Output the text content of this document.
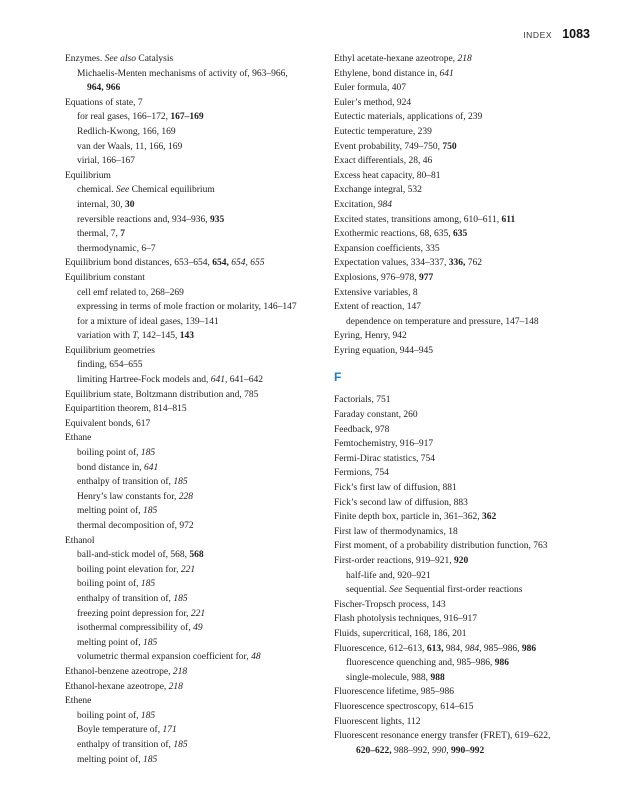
INDEX 1083
Enzymes. See also Catalysis
Michaelis-Menten mechanisms of activity of, 963–966,
964, 966
Equations of state, 7
for real gases, 166–172, 167–169
Redlich-Kwong, 166, 169
van der Waals, 11, 166, 169
virial, 166–167
Equilibrium
chemical. See Chemical equilibrium
internal, 30, 30
reversible reactions and, 934–936, 935
thermal, 7, 7
thermodynamic, 6–7
Equilibrium bond distances, 653–654, 654, 654, 655
Equilibrium constant
cell emf related to, 268–269
expressing in terms of mole fraction or molarity, 146–147
for a mixture of ideal gases, 139–141
variation with T, 142–145, 143
Equilibrium geometries
finding, 654–655
limiting Hartree-Fock models and, 641, 641–642
Equilibrium state, Boltzmann distribution and, 785
Equipartition theorem, 814–815
Equivalent bonds, 617
Ethane
boiling point of, 185
bond distance in, 641
enthalpy of transition of, 185
Henry’s law constants for, 228
melting point of, 185
thermal decomposition of, 972
Ethanol
ball-and-stick model of, 568, 568
boiling point elevation for, 221
boiling point of, 185
enthalpy of transition of, 185
freezing point depression for, 221
isothermal compressibility of, 49
melting point of, 185
volumetric thermal expansion coefficient for, 48
Ethanol-benzene azeotrope, 218
Ethanol-hexane azeotrope, 218
Ethene
boiling point of, 185
Boyle temperature of, 171
enthalpy of transition of, 185
melting point of, 185
Ethyl acetate-hexane azeotrope, 218
Ethylene, bond distance in, 641
Euler formula, 407
Euler’s method, 924
Eutectic materials, applications of, 239
Eutectic temperature, 239
Event probability, 749–750, 750
Exact differentials, 28, 46
Excess heat capacity, 80–81
Exchange integral, 532
Excitation, 984
Excited states, transitions among, 610–611, 611
Exothermic reactions, 68, 635, 635
Expansion coefficients, 335
Expectation values, 334–337, 336, 762
Explosions, 976–978, 977
Extensive variables, 8
Extent of reaction, 147
dependence on temperature and pressure, 147–148
Eyring, Henry, 942
Eyring equation, 944–945
F
Factorials, 751
Faraday constant, 260
Feedback, 978
Femtochemistry, 916–917
Fermi-Dirac statistics, 754
Fermions, 754
Fick’s first law of diffusion, 881
Fick’s second law of diffusion, 883
Finite depth box, particle in, 361–362, 362
First law of thermodynamics, 18
First moment, of a probability distribution function, 763
First-order reactions, 919–921, 920
half-life and, 920–921
sequential. See Sequential first-order reactions
Fischer-Tropsch process, 143
Flash photolysis techniques, 916–917
Fluids, supercritical, 168, 186, 201
Fluorescence, 612–613, 613, 984, 984, 985–986, 986
fluorescence quenching and, 985–986, 986
single-molecule, 988, 988
Fluorescence lifetime, 985–986
Fluorescence spectroscopy, 614–615
Fluorescent lights, 112
Fluorescent resonance energy transfer (FRET), 619–622,
620–622, 988–992, 990, 990–992
